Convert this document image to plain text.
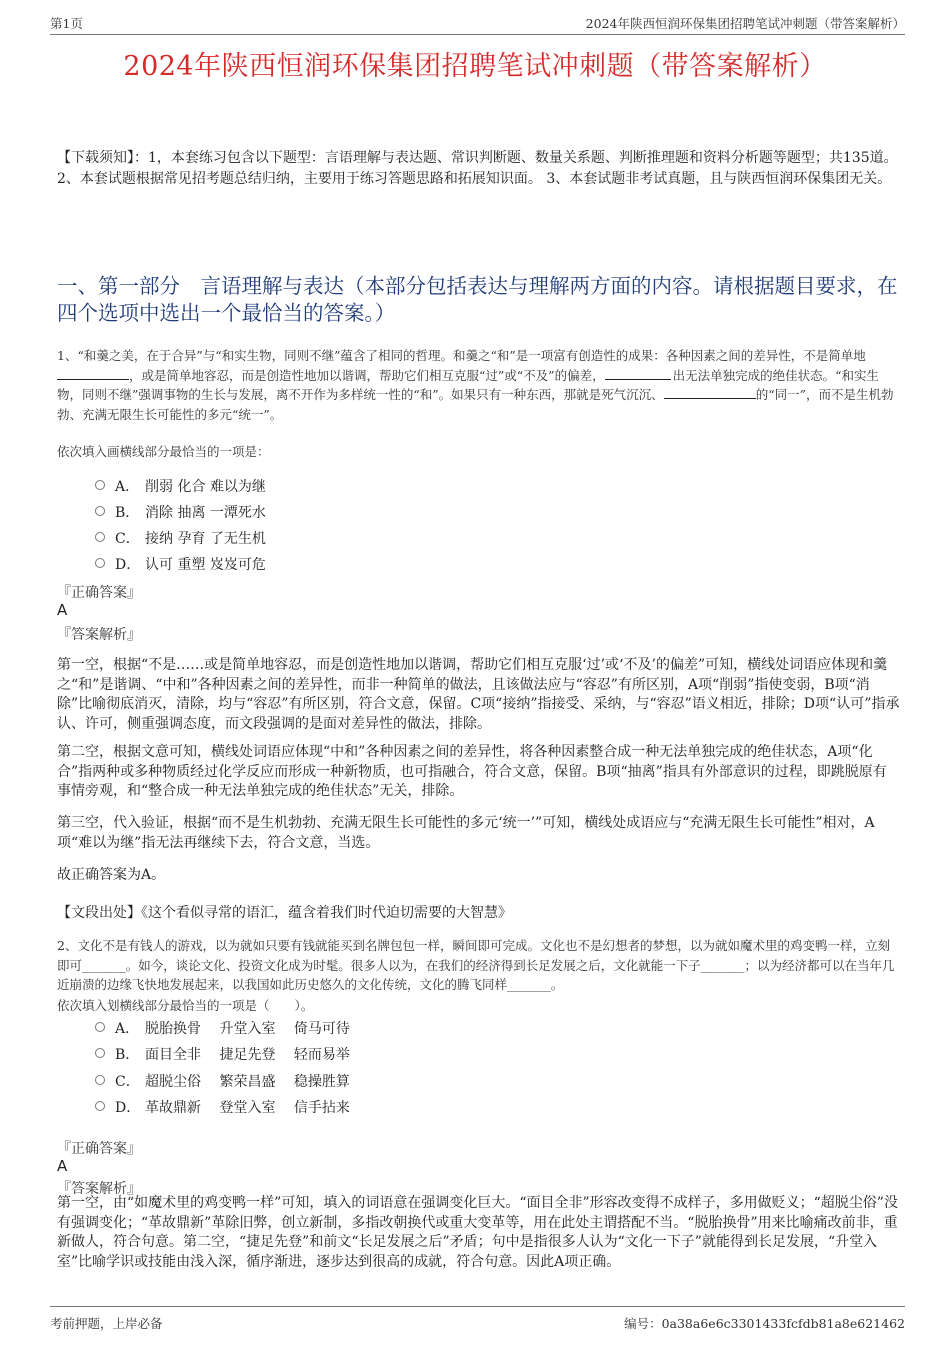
第1页	2024年陕西恒润环保集团招聘笔试冲刺题（带答案解析）
2024年陕西恒润环保集团招聘笔试冲刺题（带答案解析）
【下载须知】：1，本套练习包含以下题型：言语理解与表达题、常识判断题、数量关系题、判断推理题和资料分析题等题型；共135道。 2、本套试题根据常见招考题总结归纳，主要用于练习答题思路和拓展知识面。 3、本套试题非考试真题，且与陕西恒润环保集团无关。
一、第一部分　言语理解与表达（本部分包括表达与理解两方面的内容。请根据题目要求，在四个选项中选出一个最恰当的答案。）
1、“和羹之美，在于合异”与“和实生物，同则不继”蕴含了相同的哲理。和羹之“和”是一项富有创造性的成果：各种因素之间的差异性，不是简单地，或是简单地容忍，而是创造性地加以谐调，帮助它们相互克服“过”或“不及”的偏差，	出无法单独完成的绝佳状态。“和实生物，同则不继”强调事物的生长与发展，离不开作为多样统一性的“和”。如果只有一种东西，那就是死气沉沉、	的“同一”，而不是生机勃勃、充满无限生长可能性的多元“统一”。
依次填入画横线部分最恰当的一项是：
A． 削弱 化合 难以为继
B． 消除 抽离 一潭死水
C． 接纳 孕育 了无生机
D． 认可 重塑 岌岌可危
『正确答案』
A
『答案解析』
第一空，根据“不是……或是简单地容忍，而是创造性地加以谐调，帮助它们相互克服‘过’或‘不及’的偏差”可知，横线处词语应体现和羹之“和”是谐调、“中和”各种因素之间的差异性，而非一种简单的做法，且该做法应与“容忍”有所区别，A项“削弱”指使变弱，B项“消除”比喻彻底消灭，清除，均与“容忍”有所区别，符合文意，保留。C项“接纳”指接受、采纳，与“容忍”语义相近，排除；D项“认可”指承认、许可，侧重强调态度，而文段强调的是面对差异性的做法，排除。
第二空，根据文意可知，横线处词语应体现“中和”各种因素之间的差异性，将各种因素整合成一种无法单独完成的绝佳状态，A项“化合”指两种或多种物质经过化学反应而形成一种新物质，也可指融合，符合文意，保留。B项“抽离”指具有外部意识的过程，即跳脱原有事情旁观，和“整合成一种无法单独完成的绝佳状态”无关，排除。
第三空，代入验证，根据“而不是生机勃勃、充满无限生长可能性的多元‘统一’”可知，横线处成语应与“充满无限生长可能性”相对，A项“难以为继”指无法再继续下去，符合文意，当选。
故正确答案为A。
【文段出处】《这个看似寻常的语汇，蕴含着我们时代迫切需要的大智慧》
2、文化不是有钱人的游戏，以为就如只要有钱就能买到名牌包包一样，瞬间即可完成。文化也不是幻想者的梦想，以为就如魔术里的鸡变鸭一样，立刻即可_______。如今，谈论文化、投资文化成为时髦。很多人以为，在我们的经济得到长足发展之后，文化就能一下子_______；以为经济都可以在当年几近崩溃的边缘飞快地发展起来，以我国如此历史悠久的文化传统，文化的腾飞同样_______。
依次填入划横线部分最恰当的一项是（　　）。
A． 脱胎换骨　 升堂入室　 倚马可待
B． 面目全非　 捷足先登　 轻而易举
C． 超脱尘俗　 繁荣昌盛　 稳操胜算
D． 革故鼎新　 登堂入室　 信手拈来
『正确答案』
A
『答案解析』
第一空，由“如魔术里的鸡变鸭一样”可知，填入的词语意在强调变化巨大。“面目全非”形容改变得不成样子，多用做贬义；“超脱尘俗”没有强调变化；“革故鼎新”革除旧弊，创立新制，多指改朝换代或重大变革等，用在此处主谓搭配不当。“脱胎换骨”用来比喻痛改前非，重新做人，符合句意。第二空，“捷足先登”和前文“长足发展之后”矛盾；句中是指很多人认为“文化一下子”就能得到长足发展，“升堂入室”比喻学识或技能由浅入深，循序渐进，逐步达到很高的成就，符合句意。因此A项正确。
考前押题，上岸必备	编号：0a38a6e6c3301433fcfdb81a8e621462
